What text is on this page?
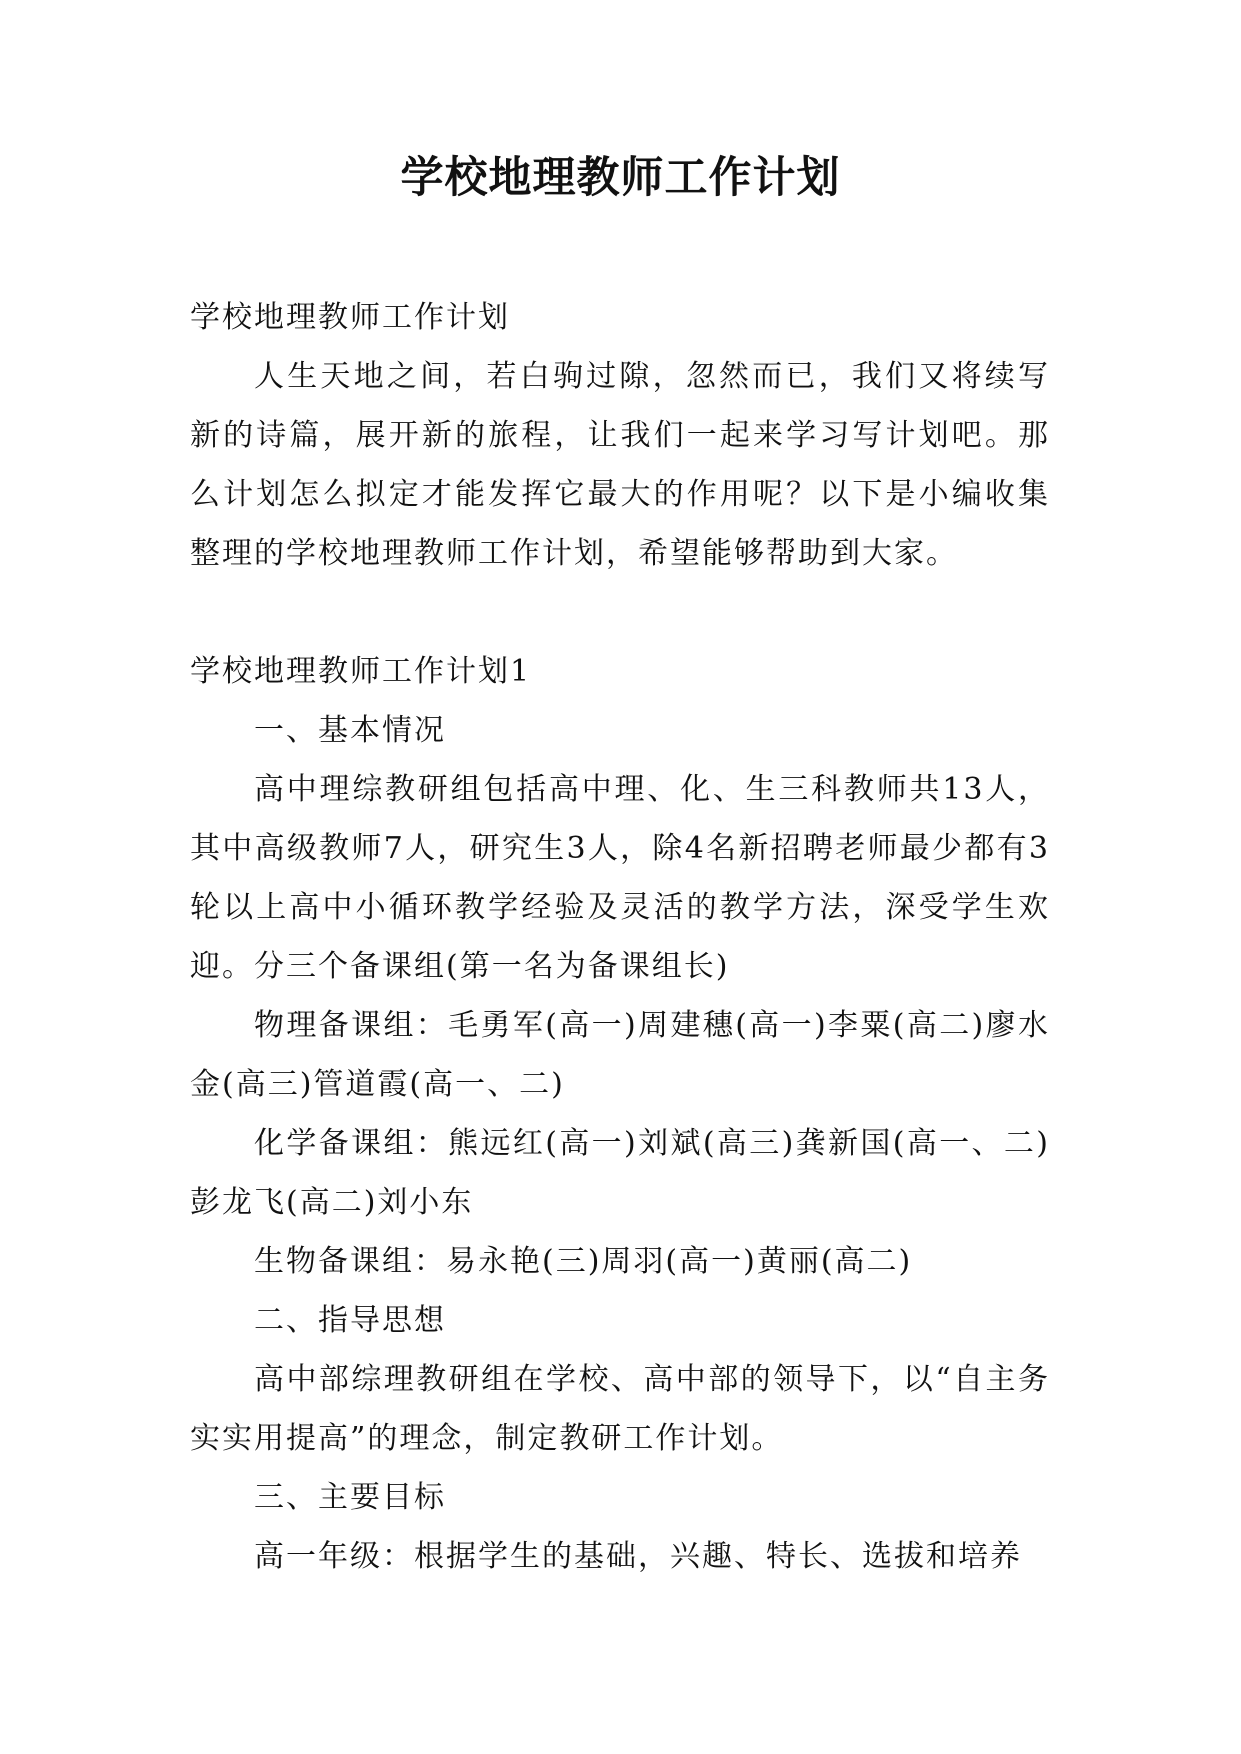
学校地理教师工作计划

学校地理教师工作计划

人生天地之间，若白驹过隙，忽然而已，我们又将续写新的诗篇，展开新的旅程，让我们一起来学习写计划吧。那么计划怎么拟定才能发挥它最大的作用呢？以下是小编收集整理的学校地理教师工作计划，希望能够帮助到大家。

学校地理教师工作计划1

一、基本情况

高中理综教研组包括高中理、化、生三科教师共13人，其中高级教师7人，研究生3人，除4名新招聘老师最少都有3轮以上高中小循环教学经验及灵活的教学方法，深受学生欢迎。分三个备课组(第一名为备课组长)

物理备课组：毛勇军(高一)周建穗(高一)李粟(高二)廖水金(高三)管道霞(高一、二)

化学备课组：熊远红(高一)刘斌(高三)龚新国(高一、二)彭龙飞(高二)刘小东

生物备课组：易永艳(三)周羽(高一)黄丽(高二)

二、指导思想

高中部综理教研组在学校、高中部的领导下，以“自主务实实用提高”的理念，制定教研工作计划。

三、主要目标

高一年级：根据学生的基础，兴趣、特长、选拔和培养
